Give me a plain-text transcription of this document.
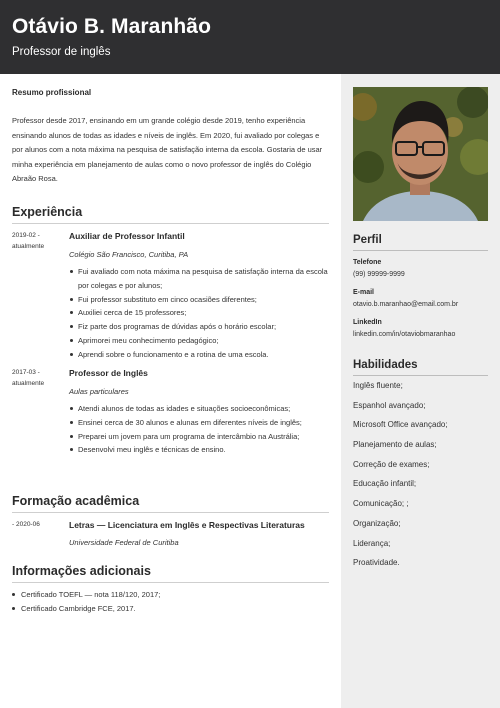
Otávio B. Maranhão
Professor de inglês
Resumo profissional
Professor desde 2017, ensinando em um grande colégio desde 2019, tenho experiência ensinando alunos de todas as idades e níveis de inglês. Em 2020, fui avaliado por colegas e por alunos com a nota máxima na pesquisa de satisfação interna da escola. Gostaria de usar minha experiência em planejamento de aulas como o novo professor de inglês do Colégio Abraão Rosa.
Experiência
2019-02 - atualmente
Auxiliar de Professor Infantil
Colégio São Francisco, Curitiba, PA
Fui avaliado com nota máxima na pesquisa de satisfação interna da escola por colegas e por alunos;
Fui professor substituto em cinco ocasiões diferentes;
Auxiliei cerca de 15 professores;
Fiz parte dos programas de dúvidas após o horário escolar;
Aprimorei meu conhecimento pedagógico;
Aprendi sobre o funcionamento e a rotina de uma escola.
2017-03 - atualmente
Professor de Inglês
Aulas particulares
Atendi alunos de todas as idades e situações socioeconômicas;
Ensinei cerca de 30 alunos e alunas em diferentes níveis de inglês;
Preparei um jovem para um programa de intercâmbio na Austrália;
Desenvolvi meu inglês e técnicas de ensino.
Formação acadêmica
- 2020-06	Letras — Licenciatura em Inglês e Respectivas Literaturas
Universidade Federal de Curitiba
Informações adicionais
Certificado TOEFL — nota 118/120, 2017;
Certificado Cambridge FCE, 2017.
Perfil
Telefone
(99) 99999-9999
E-mail
otavio.b.maranhao@email.com.br
LinkedIn
linkedin.com/in/otaviobmaranhao
Habilidades
Inglês fluente;
Espanhol avançado;
Microsoft Office avançado;
Planejamento de aulas;
Correção de exames;
Educação infantil;
Comunicação; ;
Organização;
Liderança;
Proatividade.
